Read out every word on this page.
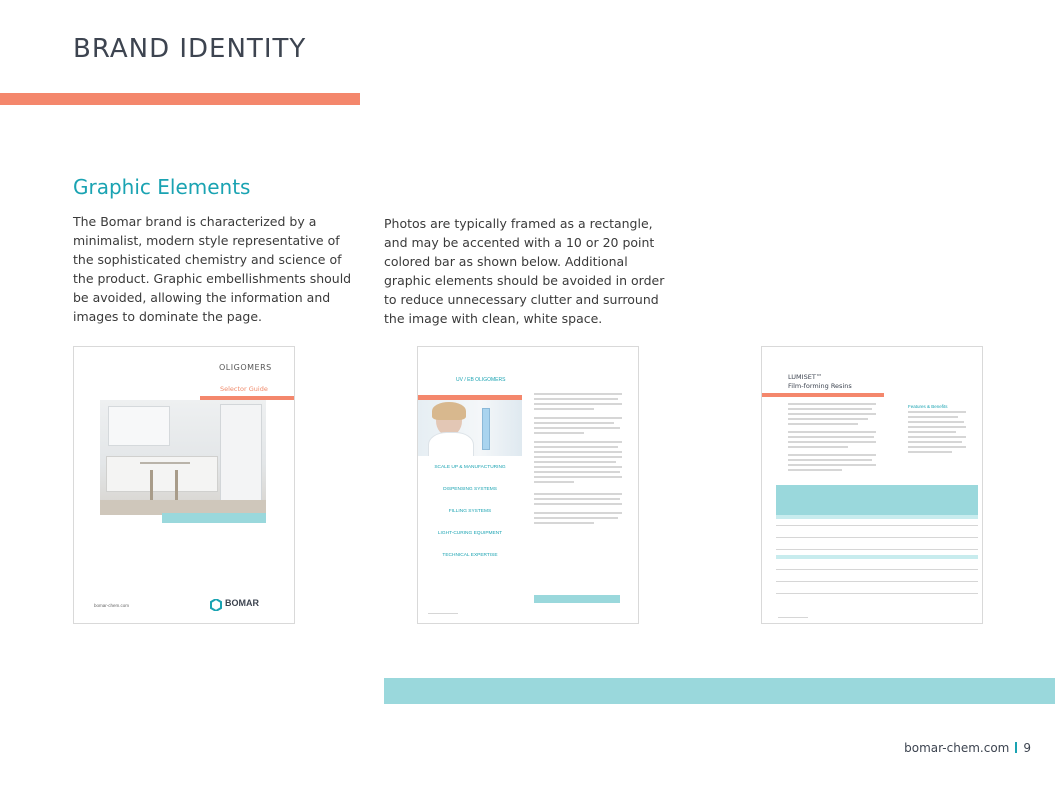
BRAND IDENTITY
Graphic Elements
The Bomar brand is characterized by a minimalist, modern style representative of the sophisticated chemistry and science of the product. Graphic embellishments should be avoided, allowing the information and images to dominate the page.
Photos are typically framed as a rectangle, and may be accented with a 10 or 20 point colored bar as shown below. Additional graphic elements should be avoided in order to reduce unnecessary clutter and surround the image with clean, white space.
OLIGOMERS
Selector Guide
BOMAR
bomar-chem.com
UV / EB OLIGOMERS
SCALE UP & MANUFACTURING
DISPENSING SYSTEMS
FILLING SYSTEMS
LIGHT-CURING EQUIPMENT
TECHNICAL EXPERTISE
LUMISET™
Film-forming Resins
Features & Benefits
bomar-chem.com 9
